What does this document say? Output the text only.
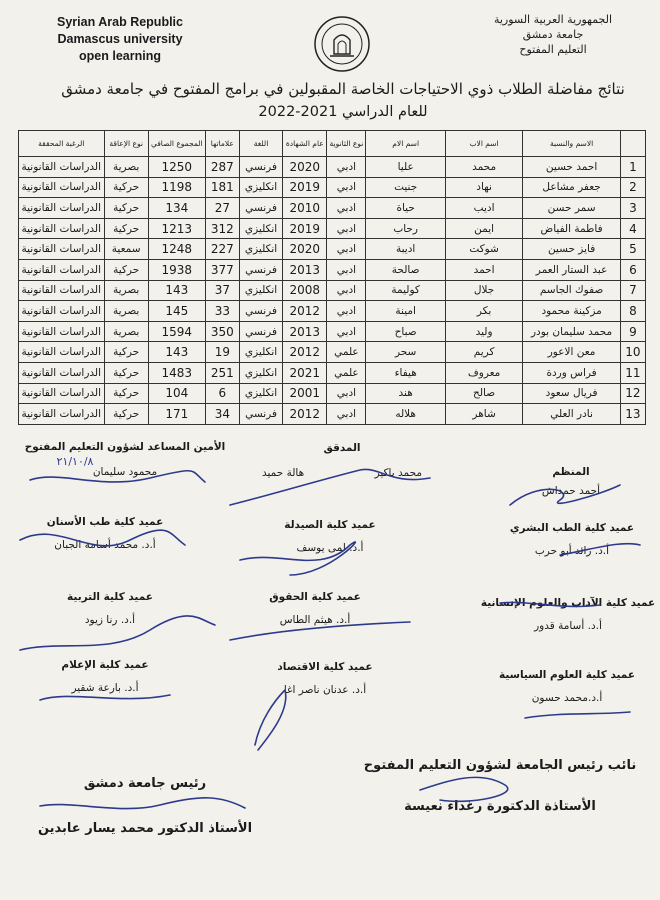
Syrian Arab Republic
Damascus university
open learning
الجمهورية العربية السورية
جامعة دمشق
التعليم المفتوح
نتائج مفاضلة الطلاب ذوي الاحتياجات الخاصة المقبولين في برامج المفتوح في جامعة دمشق
للعام الدراسي 2021-2022
	الاسم والنسبة	اسم الاب	اسم الام	نوع الثانوية	عام الشهادة	اللغة	علاماتها	المجموع الصافي	نوع الإعاقة	الرغبة المحققة
1	احمد حسين	محمد	عليا	ادبي	2020	فرنسي	287	1250	بصرية	الدراسات القانونية
2	جعفر مشاعل	نهاد	جنيت	ادبي	2019	انكليزي	181	1198	حركية	الدراسات القانونية
3	سمر حسن	اديب	حياة	ادبي	2010	فرنسي	27	134	حركية	الدراسات القانونية
4	فاطمة الفياض	ايمن	رحاب	ادبي	2019	انكليزي	312	1213	حركية	الدراسات القانونية
5	فايز حسين	شوكت	اديبة	ادبي	2020	انكليزي	227	1248	سمعية	الدراسات القانونية
6	عبد الستار العمر	احمد	صالحة	ادبي	2013	فرنسي	377	1938	حركية	الدراسات القانونية
7	صفوك الجاسم	جلال	كوليمة	ادبي	2008	انكليزي	37	143	بصرية	الدراسات القانونية
8	مزكينة محمود	بكر	امينة	ادبي	2012	فرنسي	33	145	بصرية	الدراسات القانونية
9	محمد سليمان بودر	وليد	صباح	ادبي	2013	فرنسي	350	1594	بصرية	الدراسات القانونية
10	معن الاعور	كريم	سحر	علمي	2012	انكليزي	19	143	حركية	الدراسات القانونية
11	فراس وردة	معروف	هيفاء	علمي	2021	انكليزي	251	1483	حركية	الدراسات القانونية
12	فريال سعود	صالح	هند	ادبي	2001	انكليزي	6	104	حركية	الدراسات القانونية
13	نادر العلي	شاهر	هلاله	ادبي	2012	فرنسي	34	171	حركية	الدراسات القانونية
المنظم
أحمد حمداش
المدقق
محمد باكير
هالة حميد
الأمين المساعد لشؤون التعليم المفتوح
محمود سليمان
٢١/١٠/٨
عميد كلية الطب البشري
أ.د. رائد أبو حرب
عميد كلية الصيدلة
أ.د. لمى يوسف
عميد كلية طب الأسنان
أ.د. محمد أسامة الجبان
عميد كلية الآداب والعلوم الإنسانية
أ.د. أسامة قدور
عميد كلية الحقوق
أ.د. هيثم الطاس
عميد كلية التربية
أ.د. رنا زيود
عميد كلية العلوم السياسية
أ.د.محمد حسون
عميد كلية الاقتصاد
أ.د. عدنان ناصر اغا
عميد كلية الإعلام
أ.د. بارعة شقير
نائب رئيس الجامعة لشؤون التعليم المفتوح
الأستاذة الدكتورة رغداء نعيسة
رئيس جامعة دمشق
الأستاذ الدكتور محمد يسار عابدين
